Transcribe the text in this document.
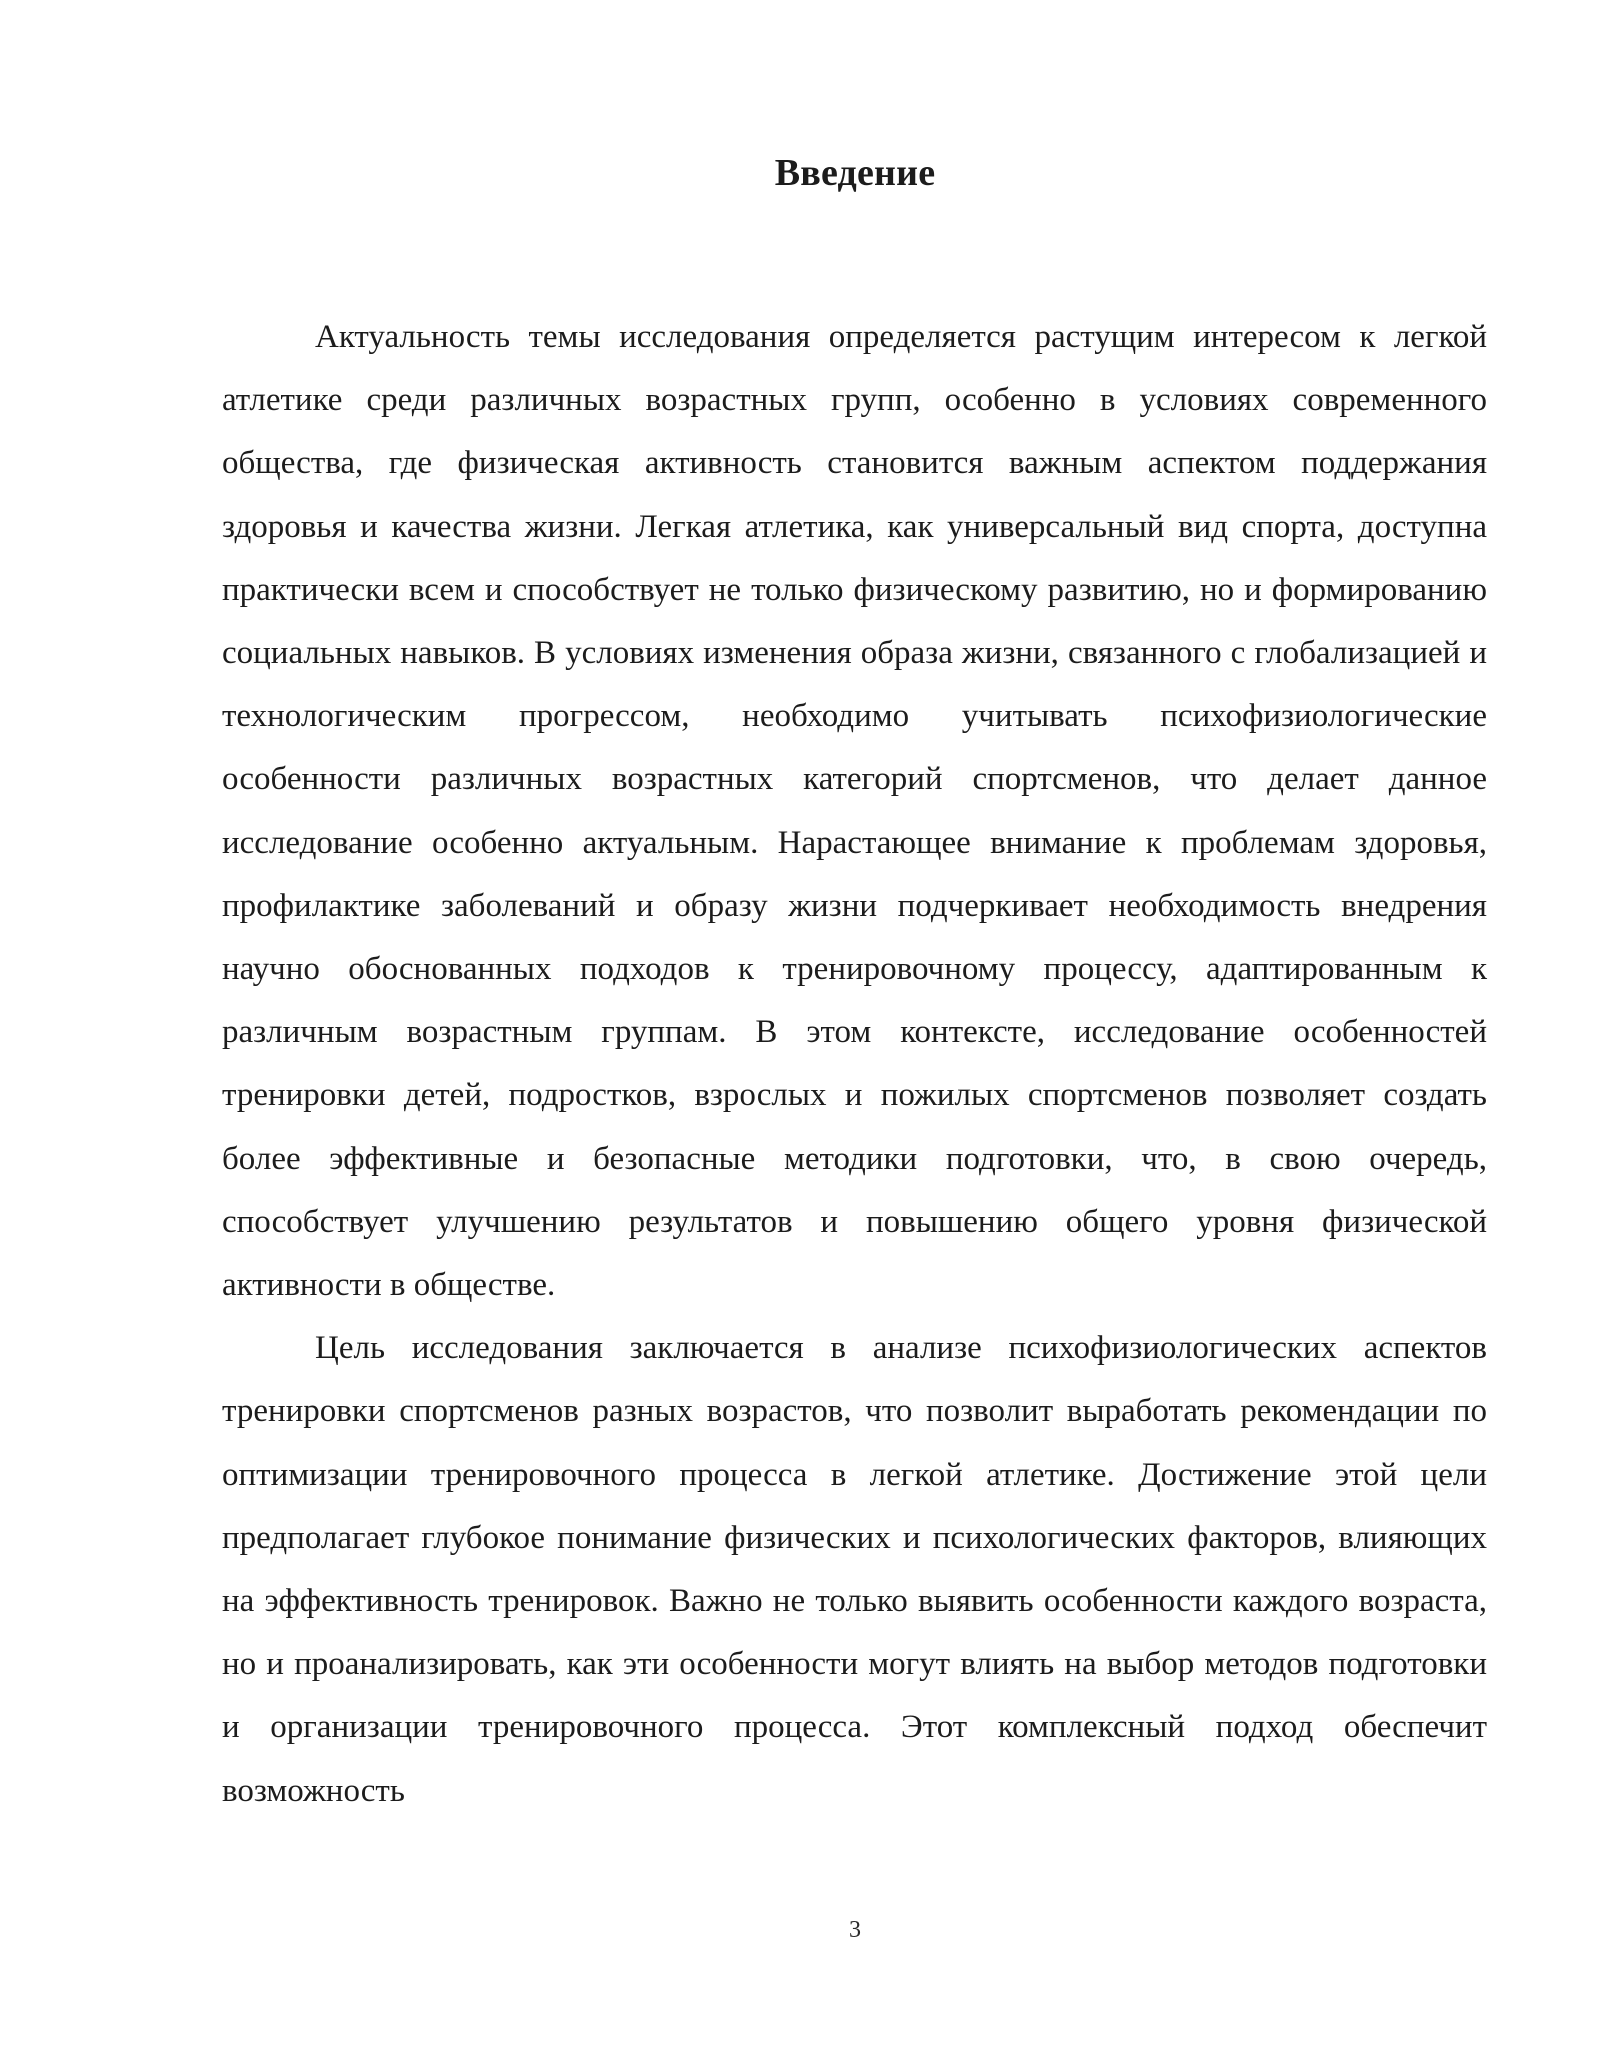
Введение

Актуальность темы исследования определяется растущим интересом к легкой атлетике среди различных возрастных групп, особенно в условиях современного общества, где физическая активность становится важным аспектом поддержания здоровья и качества жизни. Легкая атлетика, как универсальный вид спорта, доступна практически всем и способствует не только физическому развитию, но и формированию социальных навыков. В условиях изменения образа жизни, связанного с глобализацией и технологическим прогрессом, необходимо учитывать психофизиологические особенности различных возрастных категорий спортсменов, что делает данное исследование особенно актуальным. Нарастающее внимание к проблемам здоровья, профилактике заболеваний и образу жизни подчеркивает необходимость внедрения научно обоснованных подходов к тренировочному процессу, адаптированным к различным возрастным группам. В этом контексте, исследование особенностей тренировки детей, подростков, взрослых и пожилых спортсменов позволяет создать более эффективные и безопасные методики подготовки, что, в свою очередь, способствует улучшению результатов и повышению общего уровня физической активности в обществе.

Цель исследования заключается в анализе психофизиологических аспектов тренировки спортсменов разных возрастов, что позволит выработать рекомендации по оптимизации тренировочного процесса в легкой атлетике. Достижение этой цели предполагает глубокое понимание физических и психологических факторов, влияющих на эффективность тренировок. Важно не только выявить особенности каждого возраста, но и проанализировать, как эти особенности могут влиять на выбор методов подготовки и организации тренировочного процесса. Этот комплексный подход обеспечит возможность

3
